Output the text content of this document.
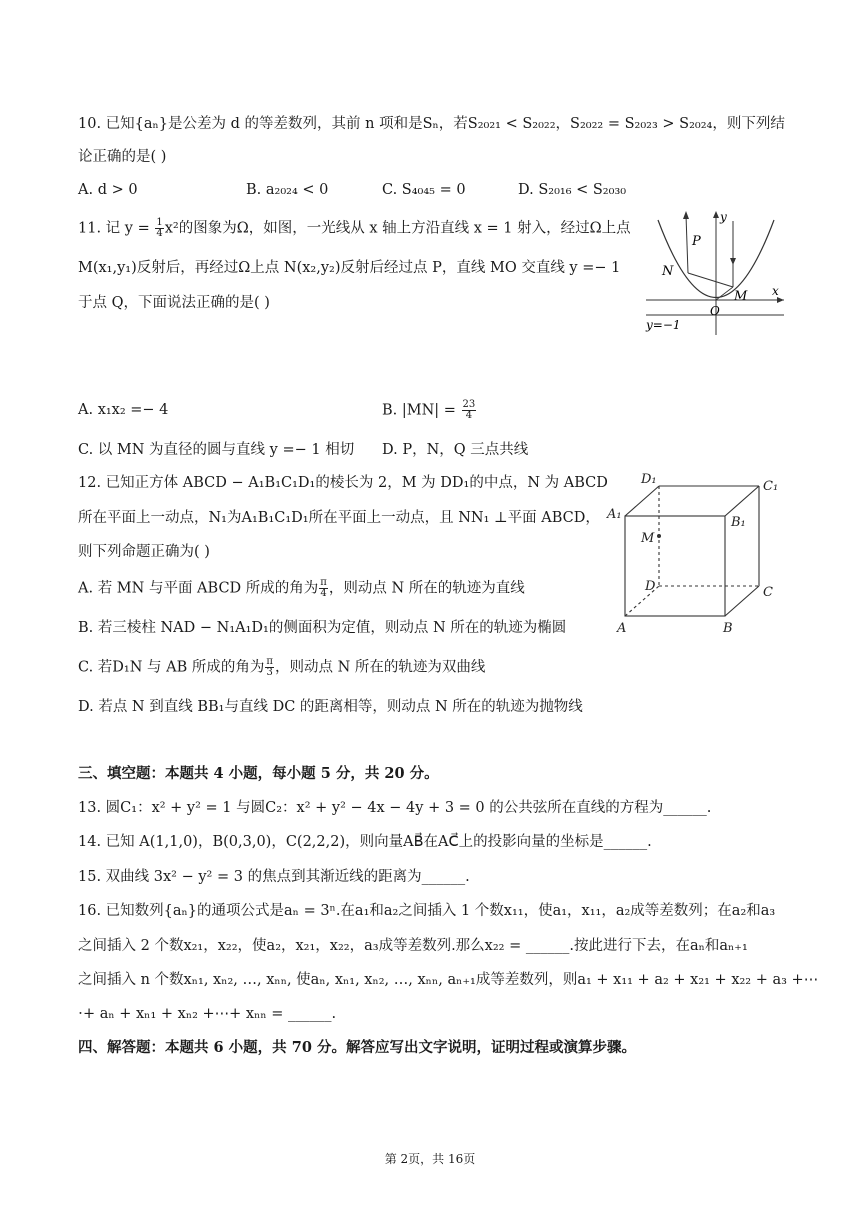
10. 已知{aₙ}是公差为 d 的等差数列，其前 n 项和是Sₙ，若S₂₀₂₁ < S₂₀₂₂，S₂₀₂₂ = S₂₀₂₃ > S₂₀₂₄，则下列结
论正确的是( )
A. d > 0	B. a₂₀₂₄ < 0	C. S₄₀₄₅ = 0	D. S₂₀₁₆ < S₂₀₃₀
11. 记 $y = \frac{1}{4} x^2$的图象为Ω，如图，一光线从 x 轴上方沿直线 x = 1 射入，经过Ω上点
M(x₁,y₁)反射后，再经过Ω上点 N(x₂,y₂)反射后经过点 P，直线 MO 交直线 y =− 1
于点 Q，下面说法正确的是( )
P
N
M
O
x
y
y=−1
A. x₁x₂ =− 4	B. $|MN| = \frac{23}{4}$
C. 以 MN 为直径的圆与直线 y =− 1 相切 D. P，N，Q 三点共线
12. 已知正方体 ABCD − A₁B₁C₁D₁的棱长为 2，M 为 DD₁的中点，N 为 ABCD
所在平面上一动点，N₁为A₁B₁C₁D₁所在平面上一动点，且 NN₁ ⊥平面 ABCD，
则下列命题正确为( )
A. 若 MN 与平面 ABCD 所成的角为 $\frac{\pi}{4}$ ，则动点 N 所在的轨迹为直线
B. 若三棱柱 NAD − N₁A₁D₁的侧面积为定值，则动点 N 所在的轨迹为椭圆
C. 若D₁N 与 AB 所成的角为 $\frac{\pi}{3}$ ，则动点 N 所在的轨迹为双曲线
D. 若点 N 到直线 BB₁与直线 DC 的距离相等，则动点 N 所在的轨迹为抛物线
D₁	C₁
A₁
B₁
M
D	C
A	B
三、填空题：本题共 4 小题，每小题 5 分，共 20 分。
13. 圆C₁：x² + y² = 1 与圆C₂：x² + y² − 4x − 4y + 3 = 0 的公共弦所在直线的方程为______.
14. 已知 A(1,1,0)，B(0,3,0)，C(2,2,2)，则向量AB⃗在AC⃗上的投影向量的坐标是______.
15. 双曲线 3x² − y² = 3 的焦点到其渐近线的距离为______.
16. 已知数列{aₙ}的通项公式是aₙ = 3ⁿ.在a₁和a₂之间插入 1 个数x₁₁，使a₁，x₁₁，a₂成等差数列；在a₂和a₃
之间插入 2 个数x₂₁，x₂₂，使a₂，x₂₁，x₂₂，a₃成等差数列.那么x₂₂ = ______.按此进行下去，在aₙ和aₙ₊₁
之间插入 n 个数xₙ₁, xₙ₂, …, xₙₙ, 使aₙ, xₙ₁, xₙ₂, …, xₙₙ, aₙ₊₁成等差数列，则a₁ + x₁₁ + a₂ + x₂₁ + x₂₂ + a₃ +⋯
⋅+ aₙ + xₙ₁ + xₙ₂ +⋯+ xₙₙ = ______.
四、解答题：本题共 6 小题，共 70 分。解答应写出文字说明，证明过程或演算步骤。
第 2页，共 16页
